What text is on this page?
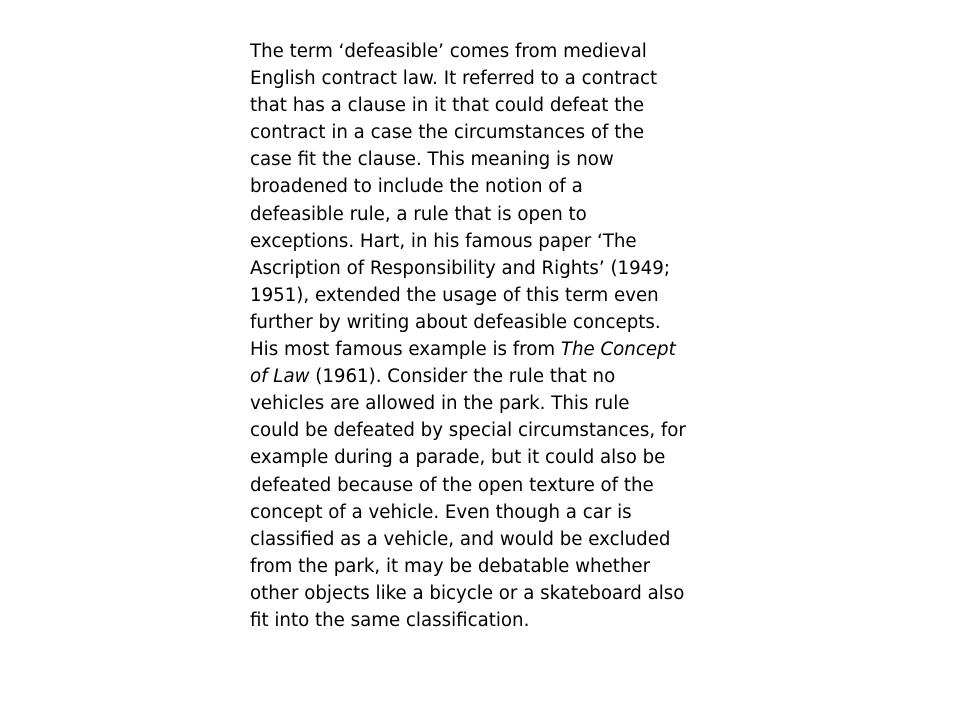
The term ‘defeasible’ comes from medieval
English contract law. It referred to a contract
that has a clause in it that could defeat the
contract in a case the circumstances of the
case fit the clause. This meaning is now
broadened to include the notion of a
defeasible rule, a rule that is open to
exceptions. Hart, in his famous paper ‘The
Ascription of Responsibility and Rights’ (1949;
1951), extended the usage of this term even
further by writing about defeasible concepts.
His most famous example is from The Concept
of Law (1961). Consider the rule that no
vehicles are allowed in the park. This rule
could be defeated by special circumstances, for
example during a parade, but it could also be
defeated because of the open texture of the
concept of a vehicle. Even though a car is
classified as a vehicle, and would be excluded
from the park, it may be debatable whether
other objects like a bicycle or a skateboard also
fit into the same classification.
